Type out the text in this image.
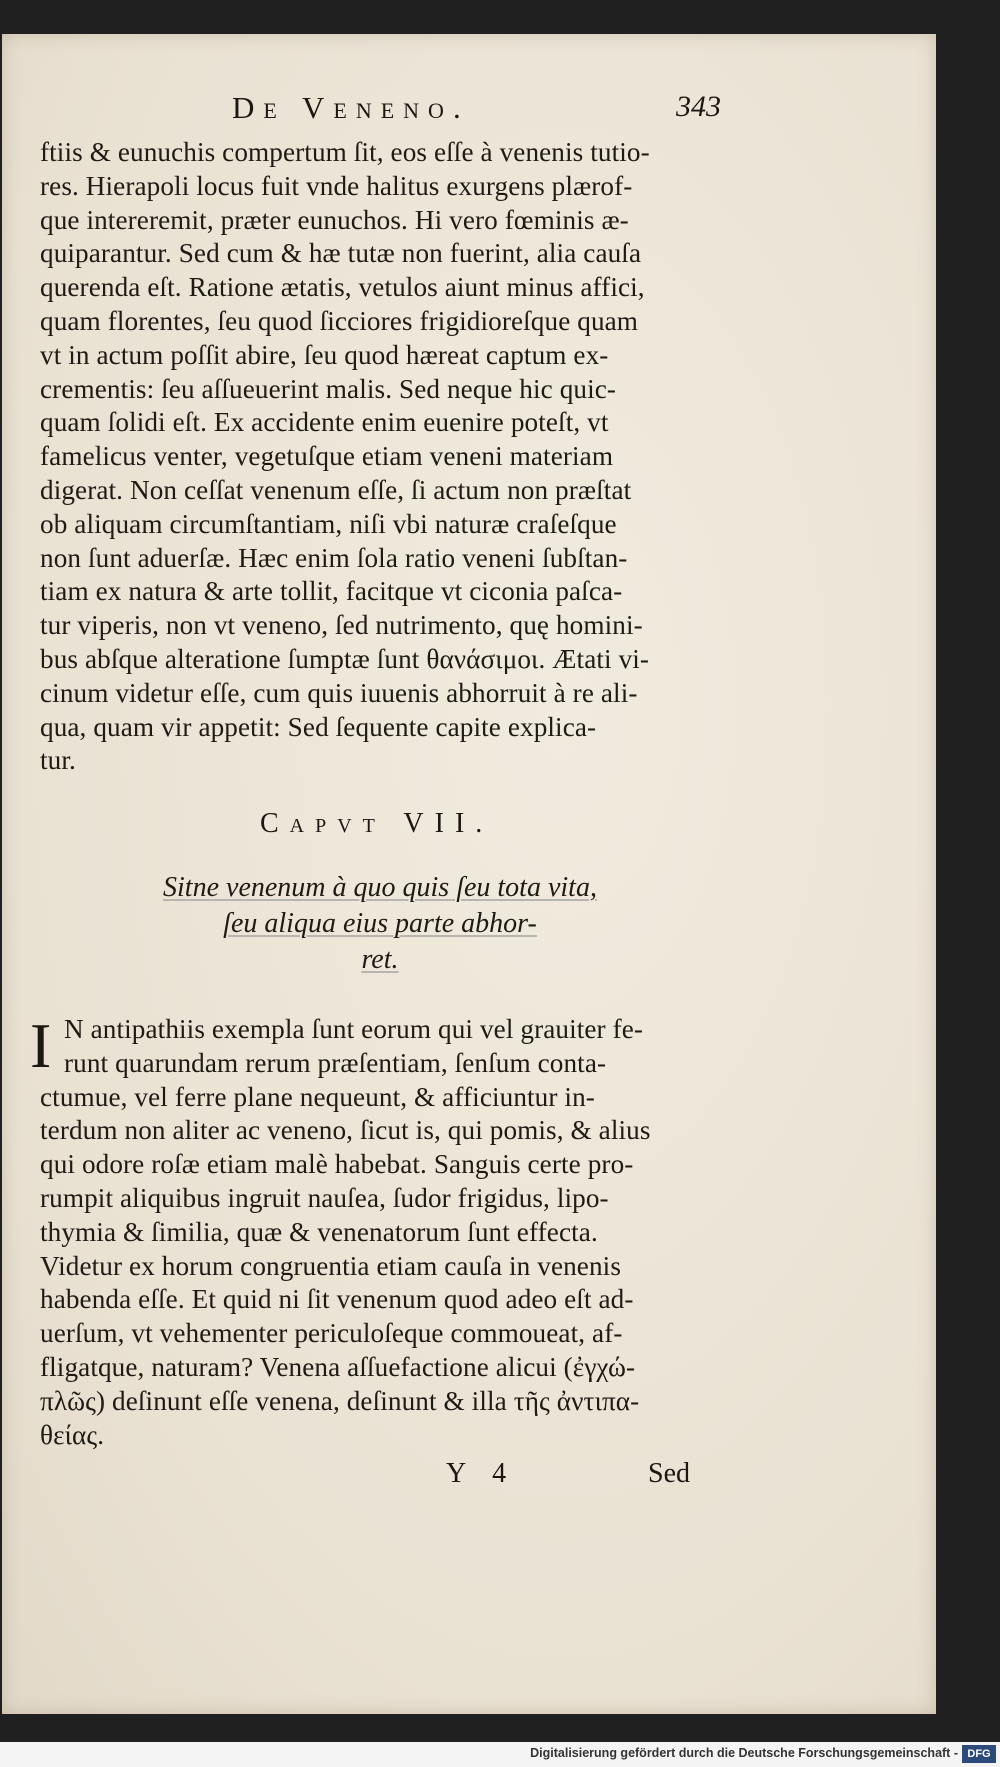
De Veneno.	343
ftiis & eunuchis compertum ſit, eos eſſe à venenis tutio-
res. Hierapoli locus fuit vnde halitus exurgens plærof-
que intereremit, præter eunuchos. Hi vero fœminis æ-
quiparantur. Sed cum & hæ tutæ non fuerint, alia cauſa
querenda eſt. Ratione ætatis, vetulos aiunt minus affici,
quam florentes, ſeu quod ſicciores frigidioreſque quam
vt in actum poſſit abire, ſeu quod hæreat captum ex-
crementis: ſeu aſſueuerint malis. Sed neque hic quic-
quam ſolidi eſt. Ex accidente enim euenire poteſt, vt
famelicus venter, vegetuſque etiam veneni materiam
digerat. Non ceſſat venenum eſſe, ſi actum non præſtat
ob aliquam circumſtantiam, niſi vbi naturæ craſeſque
non ſunt aduerſæ. Hæc enim ſola ratio veneni ſubſtan-
tiam ex natura & arte tollit, facitque vt ciconia paſca-
tur viperis, non vt veneno, ſed nutrimento, quę homini-
bus abſque alteratione ſumptæ ſunt θανάσιμοι. Ætati vi-
cinum videtur eſſe, cum quis iuuenis abhorruit à re ali-
qua, quam vir appetit: Sed ſequente capite explica-
tur.
Capvt VII.
Sitne venenum à quo quis ſeu tota vita,
ſeu aliqua eius parte abhor-
ret.
I N antipathiis exempla ſunt eorum qui vel grauiter fe-
runt quarundam rerum præſentiam, ſenſum conta-
ctumue, vel ferre plane nequeunt, & afficiuntur in-
terdum non aliter ac veneno, ſicut is, qui pomis, & alius
qui odore roſæ etiam malè habebat. Sanguis certe pro-
rumpit aliquibus ingruit nauſea, ſudor frigidus, lipo-
thymia & ſimilia, quæ & venenatorum ſunt effecta.
Videtur ex horum congruentia etiam cauſa in venenis
habenda eſſe. Et quid ni ſit venenum quod adeo eſt ad-
uerſum, vt vehementer periculoſeque commoueat, af-
fligatque, naturam? Venena aſſuefactione alicui (ἐγχώ-
πλῶς) deſinunt eſſe venena, deſinunt & illa τῆς ἀντιπα-
θείας.
Y 4	Sed
Digitalisierung gefördert durch die Deutsche Forschungsgemeinschaft - DFG
